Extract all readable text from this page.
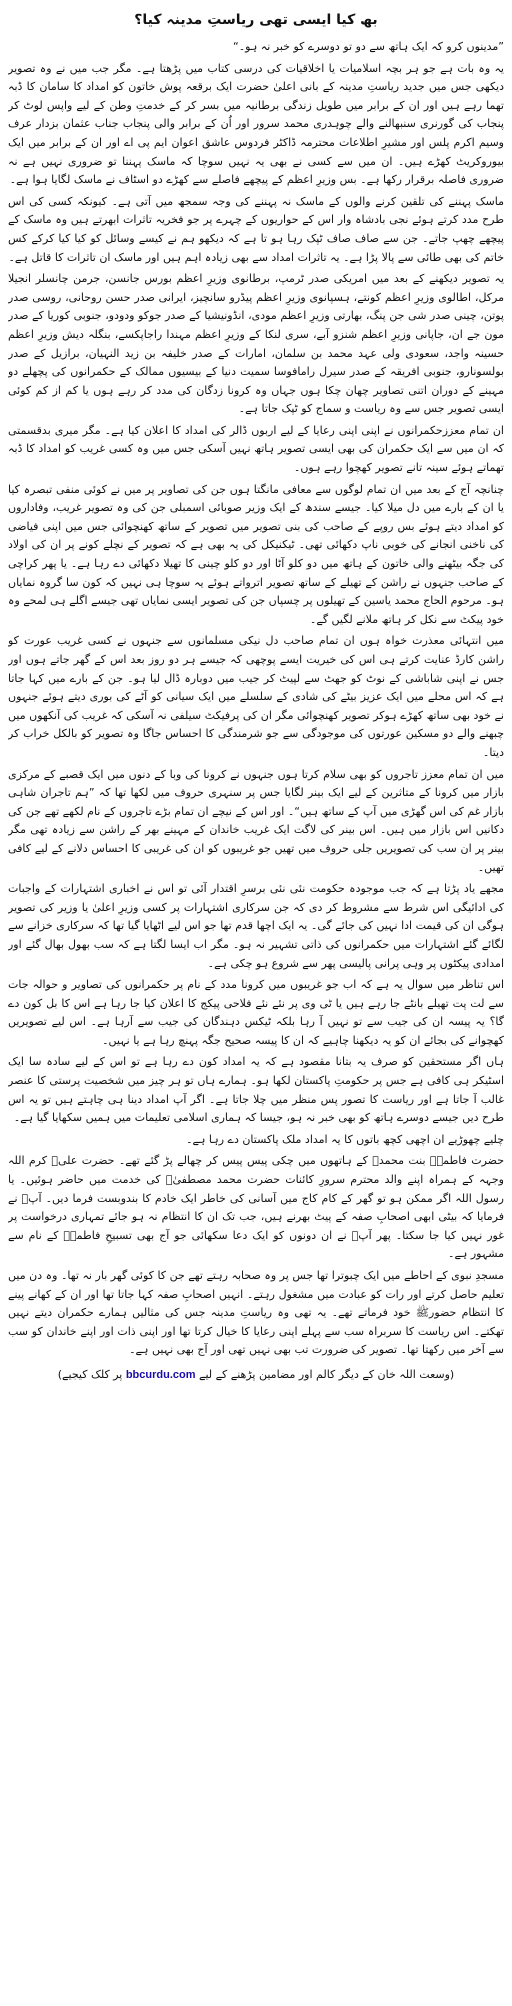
بھ کیا ایسی تھی ریاستِ مدینہ کیا؟

”مدینوں کرو کہ ایک ہاتھ سے دو تو دوسرے کو خبر نہ ہو۔“

یہ وہ بات ہے جو ہر بچہ اسلامیات یا اخلاقیات کی درسی کتاب میں پڑھتا ہے۔ مگر جب میں نے وہ تصویر دیکھی جس میں جدید ریاستِ مدینہ کے بانی اعلیٰ حضرت ایک برقعہ پوش خاتون کو امداد کا سامان کا ڈبہ تھما رہے ہیں اور ان کے برابر میں طویل زندگی برطانیہ میں بسر کر کے خدمتِ وطن کے لیے واپس لوٹ کر پنجاب کی گورنری سنبھالنے والے چوہدری محمد سرور اور اُن کے برابر والی پنجاب جناب عثمان بزدار عرف وسیم اکرم پلس اور مشیرِ اطلاعات محترمہ ڈاکٹر فردوس عاشق اعوان ایم پی اے اور ان کے برابر میں ایک بیوروکریٹ کھڑے ہیں۔ ان میں سے کسی نے بھی یہ نہیں سوچا کہ ماسک پہننا تو ضروری نہیں ہے نہ ضروری فاصلہ برقرار رکھا ہے۔ بس وزیرِ اعظم کے پیچھے فاصلے سے کھڑے دو اسٹاف نے ماسک لگایا ہوا ہے۔

ماسک پہننے کی تلقین کرنے والوں کے ماسک نہ پہننے کی وجہ سمجھ میں آتی ہے۔ کیونکہ کسی کی اس طرح مدد کرتے ہوئے نجی بادشاہ وار اس کے حواریوں کے چہرے پر جو فخریہ تاثرات ابھرتے ہیں وہ ماسک کے پیچھے چھپ جاتے۔ جن سے صاف صاف ٹپک رہا ہو تا ہے کہ دیکھو ہم نے کیسے وسائل کو کیا کیا کرکے کس خاتم کی بھی طائی سے پالا پڑا ہے۔ یہ تاثرات امداد سے بھی زیادہ اہم ہیں اور ماسک ان تاثرات کا قاتل ہے۔

یہ تصویر دیکھنے کے بعد میں امریکی صدر ٹرمپ، برطانوی وزیرِ اعظم بورس جانسن، جرمن چانسلر انجیلا مرکل، اطالوی وزیرِ اعظم کونتے، ہسپانوی وزیرِ اعظم پیڈرو سانچیز، ایرانی صدر حسن روحانی، روسی صدر پوتن، چینی صدر شی جن پنگ، بھارتی وزیرِ اعظم مودی، انڈونیشیا کے صدر جوکو ودودو، جنوبی کوریا کے صدر مون جے ان، جاپانی وزیرِ اعظم شنزو آبے، سری لنکا کے وزیرِ اعظم مہندا راجاپکسے، بنگلہ دیش وزیرِ اعظم حسینہ واجد، سعودی ولی عہد محمد بن سلمان، امارات کے صدر خلیفہ بن زید النہیان، برازیل کے صدر بولسونارو، جنوبی افریقہ کے صدر سیرل رامافوسا سمیت دنیا کے بیسیوں ممالک کے حکمرانوں کی پچھلے دو مہینے کے دوران اتنی تصاویر چھان چکا ہوں جہاں وہ کرونا زدگان کی مدد کر رہے ہوں یا کم از کم کوئی ایسی تصویر جس سے وہ ریاست و سماج کو ٹپک جاتا ہے۔

ان تمام معززحکمرانوں نے اپنی اپنی رعایا کے لیے اربوں ڈالر کی امداد کا اعلان کیا ہے۔ مگر میری بدقسمتی کہ ان میں سے ایک حکمران کی بھی ایسی تصویر ہاتھ نہیں آسکی جس میں وہ کسی غریب کو امداد کا ڈبہ تھماتے ہوئے سینہ تانے تصویر کھچوا رہے ہوں۔

چنانچہ آج کے بعد میں ان تمام لوگوں سے معافی مانگتا ہوں جن کی تصاویر پر میں نے کوئی منفی تبصرہ کیا یا ان کے بارے میں دل میلا کیا۔ جیسے سندھ کے ایک وزیر صوبائی اسمبلی جن کی وہ تصویر غریب، وفاداروں کو امداد دیتے ہوئے بس روپے کے صاحب کی بنی تصویر میں تصویر کے ساتھ کھنچوائی جس میں اپنی فیاضی کی ناخنی انجانے کی خوبی ناپ دکھائی تھی۔ ٹیکنیکل کی یہ بھی ہے کہ تصویر کے نچلے کونے پر ان کی اولاد کی جگہ بیٹھنے والی خاتون کے ہاتھ میں دو کلو آٹا اور دو کلو چینی کا تھیلا دکھائی دے رہا ہے۔ یا پھر کراچی کے صاحب جنہوں نے راشن کے تھیلے کے ساتھ تصویر اترواتے ہوئے یہ سوچا ہی نہیں کہ کون سا گروہ نمایاں ہو۔ مرحوم الحاج محمد یاسین کے تھیلوں پر چسپاں جن کی تصویر ایسی نمایاں تھی جیسے اگلے ہی لمحے وہ خود پیکٹ سے نکل کر ہاتھ ملانے لگیں گے۔

میں انتہائی معذرت خواہ ہوں ان تمام صاحب دل نیکی مسلمانوں سے جنہوں نے کسی غریب عورت کو راشن کارڈ عنایت کرتے ہی اس کی خیریت ایسے پوچھی کہ جیسے ہر دو روز بعد اس کے گھر جاتے ہوں اور جس نے اپنی شاباشی کے نوٹ کو جھٹ سے لپیٹ کر جیب میں دوبارہ ڈال لیا ہو۔ جن کے بارے میں کہا جاتا ہے کہ اس محلے میں ایک عزیز بیٹے کی شادی کے سلسلے میں ایک سیانی کو آٹے کی بوری دیتے ہوئے جنہوں نے خود بھی ساتھ کھڑے ہوکر تصویر کھنچوائی مگر ان کی پرفیکٹ سیلفی نہ آسکی کہ غریب کی آنکھوں میں چبھنے والے دو مسکین عورتوں کی موجودگی سے جو شرمندگی کا احساس جاگا وہ تصویر کو بالکل خراب کر دیتا۔

میں ان تمام معزز تاجروں کو بھی سلام کرتا ہوں جنہوں نے کرونا کی وبا کے دنوں میں ایک قصبے کے مرکزی بازار میں کرونا کے متاثرین کے لیے ایک بینر لگایا جس پر سنہری حروف میں لکھا تھا کہ ”ہم تاجران شاہی بازار غم کی اس گھڑی میں آپ کے ساتھ ہیں“۔ اور اس کے نیچے ان تمام بڑے تاجروں کے نام لکھے تھے جن کی دکانیں اس بازار میں ہیں۔ اس بینر کی لاگت ایک غریب خاندان کے مہینے بھر کے راشن سے زیادہ تھی مگر بینر پر ان سب کی تصویریں جلی حروف میں تھیں جو غریبوں کو ان کی غریبی کا احساس دلانے کے لیے کافی تھیں۔

مجھے یاد پڑتا ہے کہ جب موجودہ حکومت نئی نئی برسرِ اقتدار آئی تو اس نے اخباری اشتہارات کے واجبات کی ادائیگی اس شرط سے مشروط کر دی کہ جن سرکاری اشتہارات پر کسی وزیرِ اعلیٰ یا وزیر کی تصویر ہوگی ان کی قیمت ادا نہیں کی جائے گی۔ یہ ایک اچھا قدم تھا جو اس لیے اٹھایا گیا تھا کہ سرکاری خزانے سے لگائے گئے اشتہارات میں حکمرانوں کی ذاتی تشہیر نہ ہو۔ مگر اب ایسا لگتا ہے کہ سب بھول بھال گئے اور امدادی پیکٹوں پر وہی پرانی پالیسی پھر سے شروع ہو چکی ہے۔

اس تناظر میں سوال یہ ہے کہ اب جو غریبوں میں کرونا مدد کے نام پر حکمرانوں کی تصاویر و حوالہ جات سے لت پت تھیلے بانٹے جا رہے ہیں یا ٹی وی پر نئے نئے فلاحی پیکج کا اعلان کیا جا رہا ہے اس کا بل کون دے گا؟ یہ پیسہ ان کی جیب سے تو نہیں آ رہا بلکہ ٹیکس دہندگان کی جیب سے آرہا ہے۔ اس لیے تصویریں کھچوانے کی بجائے ان کو یہ دیکھنا چاہیے کہ ان کا پیسہ صحیح جگہ پہنچ رہا ہے یا نہیں۔

ہاں اگر مستحقین کو صرف یہ بتانا مقصود ہے کہ یہ امداد کون دے رہا ہے تو اس کے لیے سادہ سا ایک اسٹیکر ہی کافی ہے جس پر حکومتِ پاکستان لکھا ہو۔ ہمارے ہاں تو ہر چیز میں شخصیت پرستی کا عنصر غالب آ جاتا ہے اور ریاست کا تصور پس منظر میں چلا جاتا ہے۔ اگر آپ امداد دینا ہی چاہتے ہیں تو یہ اس طرح دیں جیسے دوسرے ہاتھ کو بھی خبر نہ ہو، جیسا کہ ہماری اسلامی تعلیمات میں ہمیں سکھایا گیا ہے۔

چلیے چھوڑیے ان اچھی کچھ باتوں کا یہ امداد ملک پاکستان دے رہا ہے۔

حضرت فاطمہؓ بنت محمدﷺ کے ہاتھوں میں چکی پیس پیس کر چھالے پڑ گئے تھے۔ حضرت علیؓ کرم اللہ وجہہ کے ہمراہ اپنے والد محترم سرورِ کائنات حضرت محمد مصطفیٰﷺ کی خدمت میں حاضر ہوئیں۔ یا رسول اللہ اگر ممکن ہو تو گھر کے کام کاج میں آسانی کی خاطر ایک خادم کا بندوبست فرما دیں۔ آپﷺ نے فرمایا کہ بیٹی ابھی اصحابِ صفہ کے پیٹ بھرنے ہیں، جب تک ان کا انتظام نہ ہو جائے تمہاری درخواست پر غور نہیں کیا جا سکتا۔ پھر آپﷺ نے ان دونوں کو ایک دعا سکھائی جو آج بھی تسبیحِ فاطمہؓ کے نام سے مشہور ہے۔

مسجدِ نبوی کے احاطے میں ایک چبوترا تھا جس پر وہ صحابہ رہتے تھے جن کا کوئی گھر بار نہ تھا۔ وہ دن میں تعلیم حاصل کرتے اور رات کو عبادت میں مشغول رہتے۔ انہیں اصحابِ صفہ کہا جاتا تھا اور ان کے کھانے پینے کا انتظام حضورﷺ خود فرماتے تھے۔ یہ تھی وہ ریاستِ مدینہ جس کی مثالیں ہمارے حکمران دیتے نہیں تھکتے۔ اس ریاست کا سربراہ سب سے پہلے اپنی رعایا کا خیال کرتا تھا اور اپنی ذات اور اپنے خاندان کو سب سے آخر میں رکھتا تھا۔ تصویر کی ضرورت تب بھی نہیں تھی اور آج بھی نہیں ہے۔

(وسعت اللہ خان کے دیگر کالم اور مضامین پڑھنے کے لیے bbcurdu.com پر کلک کیجیے)
